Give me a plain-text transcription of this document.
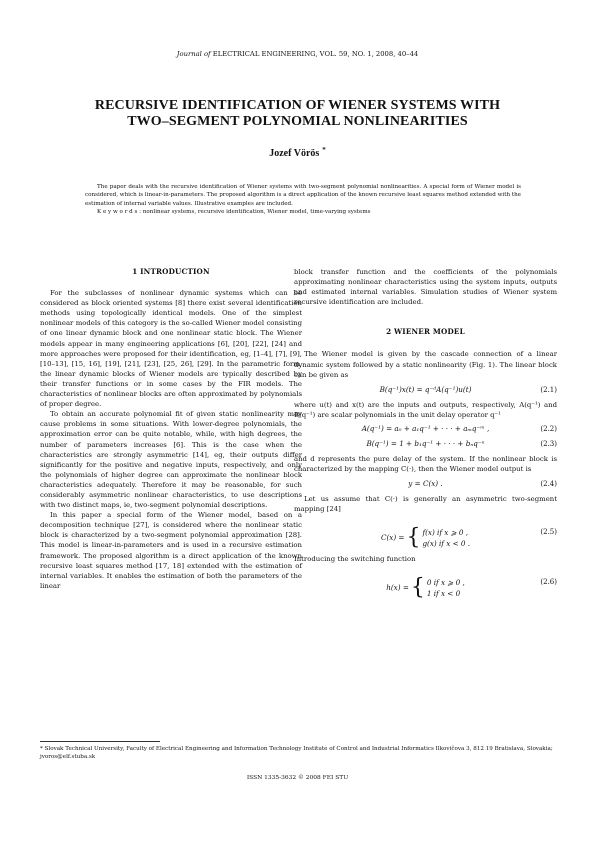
Journal of ELECTRICAL ENGINEERING, VOL. 59, NO. 1, 2008, 40–44
RECURSIVE IDENTIFICATION OF WIENER SYSTEMS WITH
TWO–SEGMENT POLYNOMIAL NONLINEARITIES
Jozef Vörös *

The paper deals with the recursive identification of Wiener systems with two-segment polynomial nonlinearities. A special form of Wiener model is considered, which is linear-in-parameters. The proposed algorithm is a direct application of the known recursive least squares method extended with the estimation of internal variable values. Illustrative examples are included.

K e y w o r d s : nonlinear systems, recursive identification, Wiener model, time-varying systems

1 INTRODUCTION

For the subclasses of nonlinear dynamic systems which can be considered as block oriented systems [8] there exist several identification methods using topologically identical models. One of the simplest nonlinear models of this category is the so-called Wiener model consisting of one linear dynamic block and one nonlinear static block. The Wiener models appear in many engineering applications [6], [20], [22], [24] and more approaches were proposed for their identification, eg, [1–4], [7], [9], [10–13], [15, 16], [19], [21], [23], [25, 26], [29]. In the parametric form, the linear dynamic blocks of Wiener models are typically described by their transfer functions or in some cases by the FIR models. The characteristics of nonlinear blocks are often approximated by polynomials of proper degree.

To obtain an accurate polynomial fit of given static nonlinearity may cause problems in some situations. With lower-degree polynomials, the approximation error can be quite notable, while, with high degrees, the number of parameters increases [6]. This is the case when the characteristics are strongly asymmetric [14], eg, their outputs differ significantly for the positive and negative inputs, respectively, and only the polynomials of higher degree can approximate the nonlinear block characteristics adequately. Therefore it may be reasonable, for such considerably asymmetric nonlinear characteristics, to use descriptions with two distinct maps, ie, two-segment polynomial descriptions.

In this paper a special form of the Wiener model, based on a decomposition technique [27], is considered where the nonlinear static block is characterized by a two-segment polynomial approximation [28]. This model is linear-in-parameters and is used in a recursive estimation framework. The proposed algorithm is a direct application of the known recursive least squares method [17, 18] extended with the estimation of internal variables. It enables the estimation of both the parameters of the linear

block transfer function and the coefficients of the polynomials approximating nonlinear characteristics using the system inputs, outputs and estimated internal variables. Simulation studies of Wiener system recursive identification are included.

2 WIENER MODEL

The Wiener model is given by the cascade connection of a linear dynamic system followed by a static nonlinearity (Fig. 1). The linear block can be given as

B(q⁻¹)x(t) = q⁻ᵈA(q⁻¹)u(t)	(2.1)

where u(t) and x(t) are the inputs and outputs, respectively, A(q⁻¹) and B(q⁻¹) are scalar polynomials in the unit delay operator q⁻¹

A(q⁻¹) = a₀ + a₁q⁻¹ + · · · + aₘq⁻ᵐ ,	(2.2)
B(q⁻¹) = 1 + b₁q⁻¹ + · · · + bₙq⁻ⁿ	(2.3)

and d represents the pure delay of the system. If the nonlinear block is characterized by the mapping C(·), then the Wiener model output is

y = C(x) .	(2.4)

Let us assume that C(·) is generally an asymmetric two-segment mapping [24]

C(x) = { f(x) if x ⩾ 0 ,
g(x) if x < 0 .
(2.5)

Introducing the switching function

h(x) = { 0 if x ⩾ 0 ,
1 if x < 0
(2.6)
* Slovak Technical University, Faculty of Electrical Engineering and Information Technology Institute of Control and Industrial Informatics Ilkovičova 3, 812 19 Bratislava, Slovakia; jvoros@elf.stuba.sk
ISSN 1335-3632 © 2008 FEI STU
